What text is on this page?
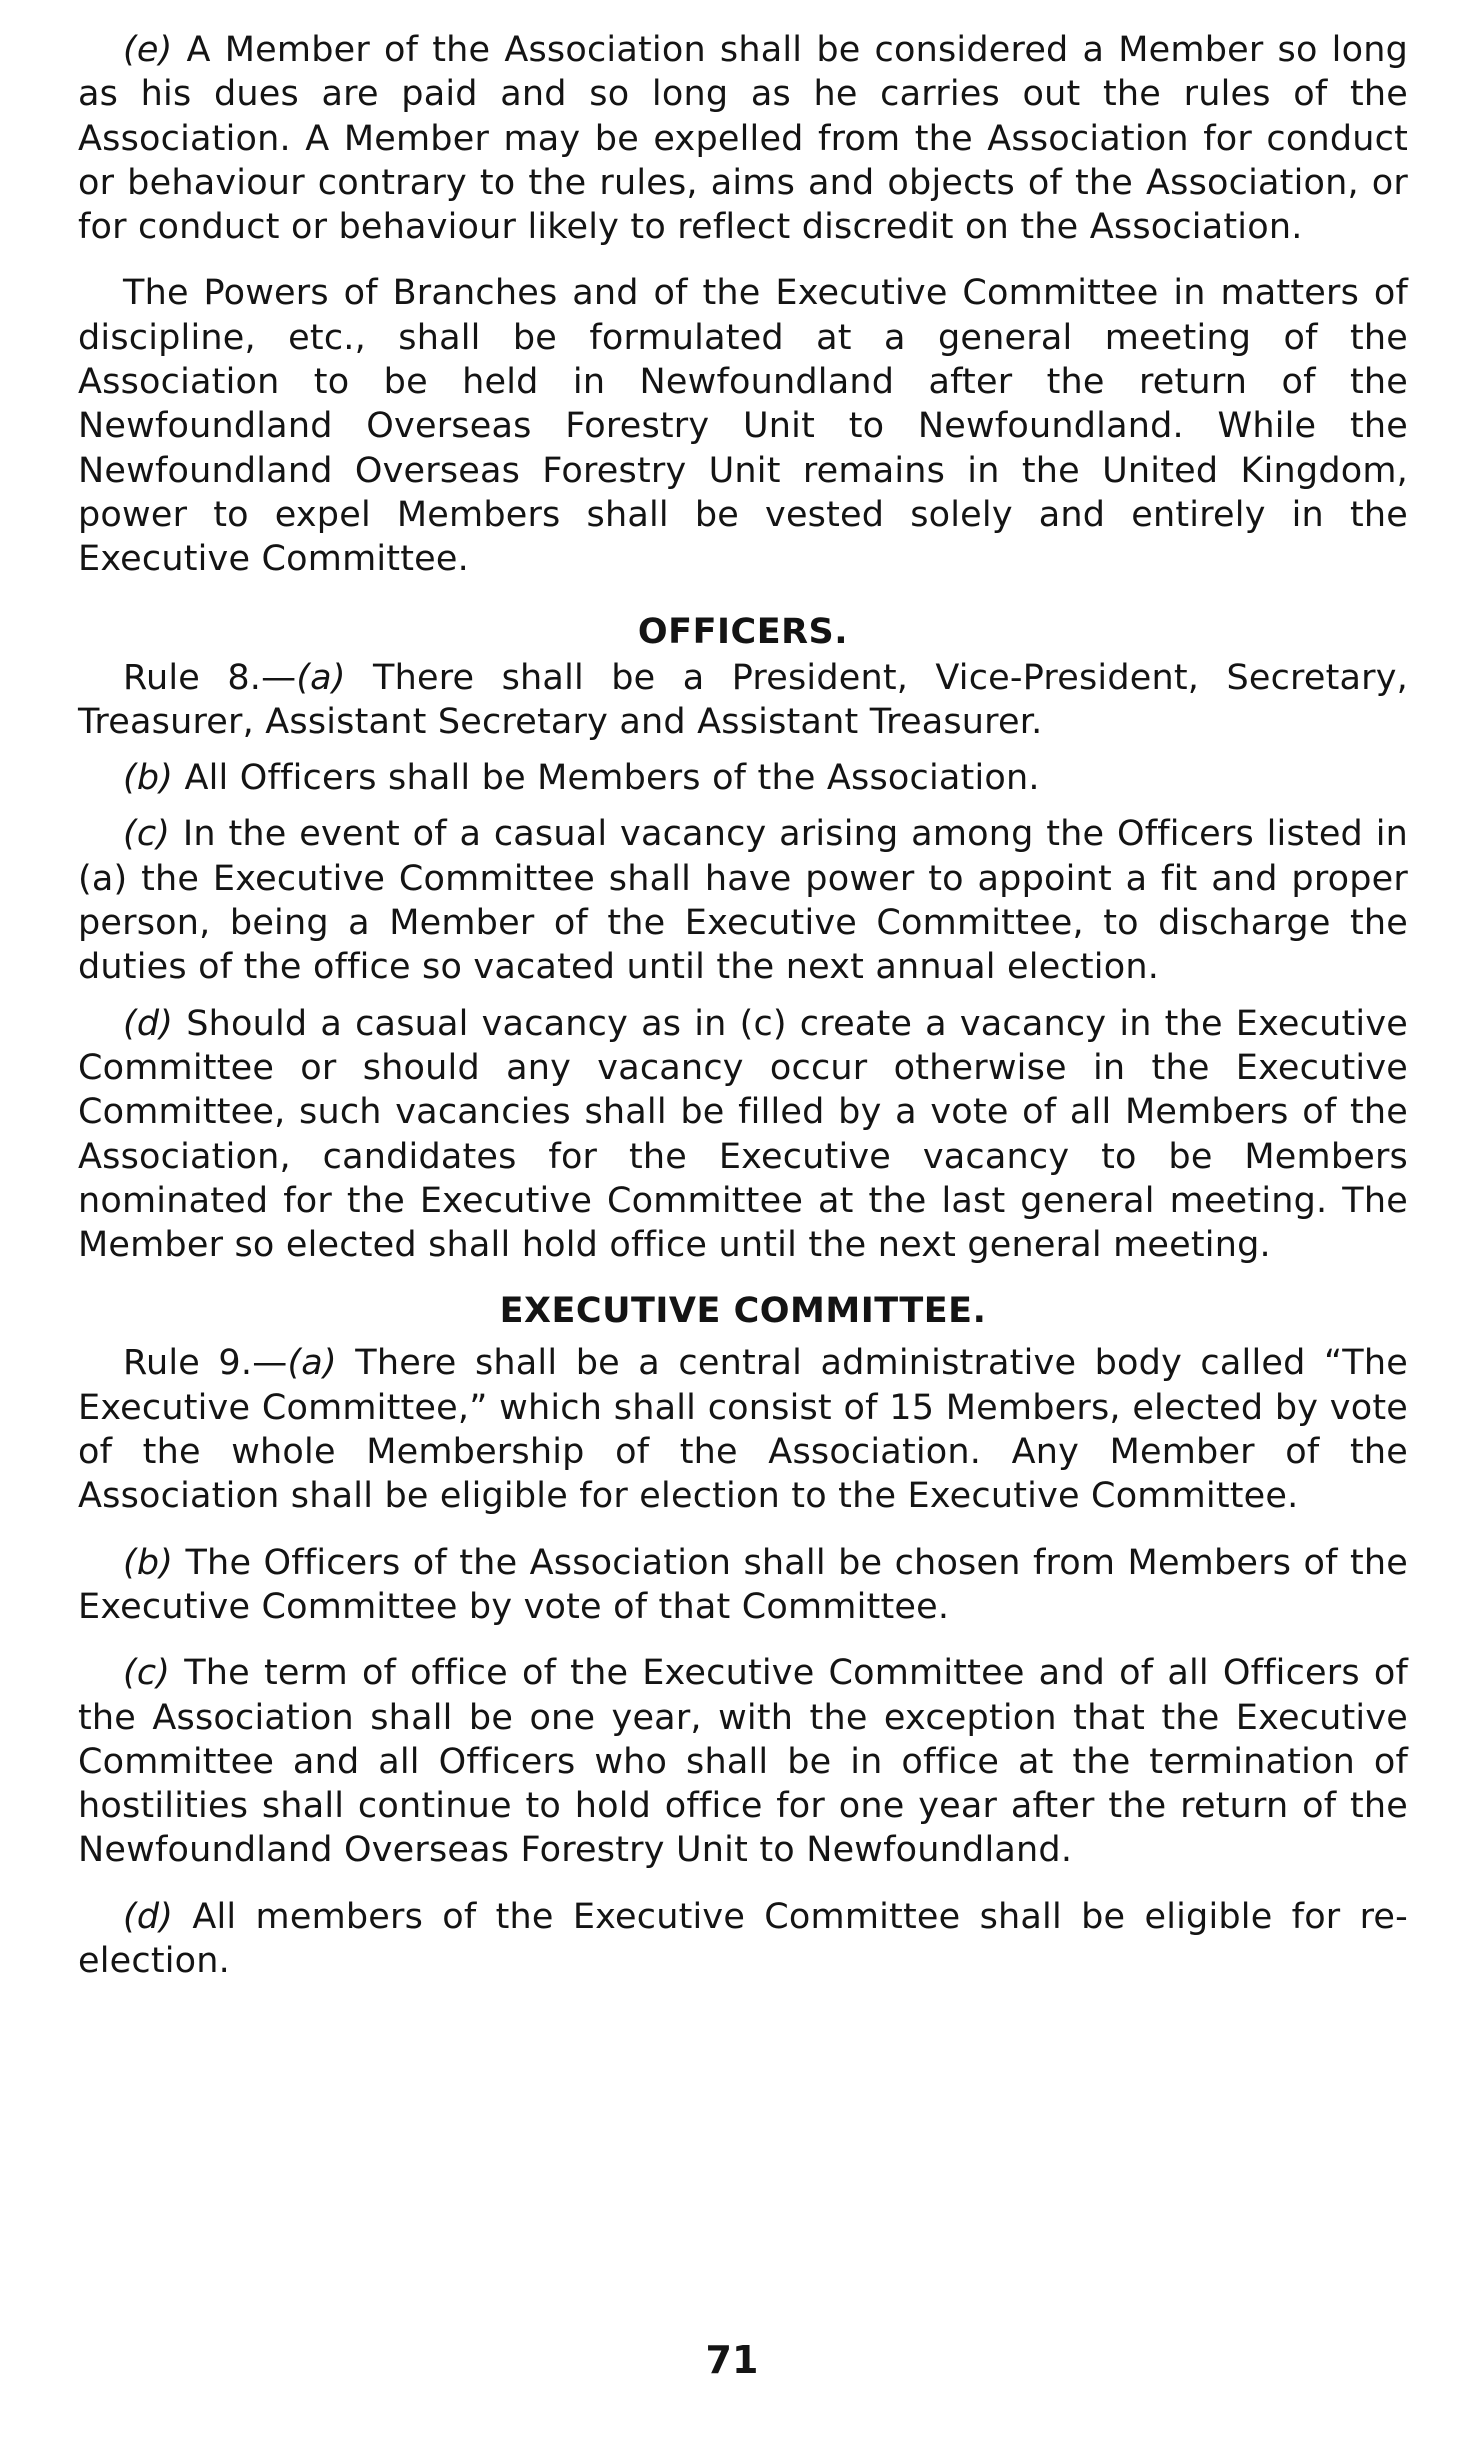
(e) A Member of the Association shall be considered a Member so long as his dues are paid and so long as he carries out the rules of the Association. A Member may be expelled from the Association for conduct or behaviour contrary to the rules, aims and objects of the Association, or for conduct or behaviour likely to reflect discredit on the Association.

The Powers of Branches and of the Executive Committee in matters of discipline, etc., shall be formulated at a general meeting of the Association to be held in Newfoundland after the return of the Newfoundland Overseas Forestry Unit to Newfoundland. While the Newfoundland Overseas Forestry Unit remains in the United Kingdom, power to expel Members shall be vested solely and entirely in the Executive Committee.

OFFICERS.

Rule 8.—(a) There shall be a President, Vice-President, Secretary, Treasurer, Assistant Secretary and Assistant Treasurer.

(b) All Officers shall be Members of the Association.

(c) In the event of a casual vacancy arising among the Officers listed in (a) the Executive Committee shall have power to appoint a fit and proper person, being a Member of the Executive Committee, to discharge the duties of the office so vacated until the next annual election.

(d) Should a casual vacancy as in (c) create a vacancy in the Executive Committee or should any vacancy occur otherwise in the Executive Committee, such vacancies shall be filled by a vote of all Members of the Association, candidates for the Executive vacancy to be Members nominated for the Executive Committee at the last general meeting. The Member so elected shall hold office until the next general meeting.

EXECUTIVE COMMITTEE.

Rule 9.—(a) There shall be a central administrative body called “The Executive Committee,” which shall consist of 15 Members, elected by vote of the whole Membership of the Association. Any Member of the Association shall be eligible for election to the Executive Committee.

(b) The Officers of the Association shall be chosen from Members of the Executive Committee by vote of that Committee.

(c) The term of office of the Executive Committee and of all Officers of the Association shall be one year, with the exception that the Executive Committee and all Officers who shall be in office at the termination of hostilities shall continue to hold office for one year after the return of the Newfoundland Overseas Forestry Unit to Newfoundland.

(d) All members of the Executive Committee shall be eligible for re-election.

71
